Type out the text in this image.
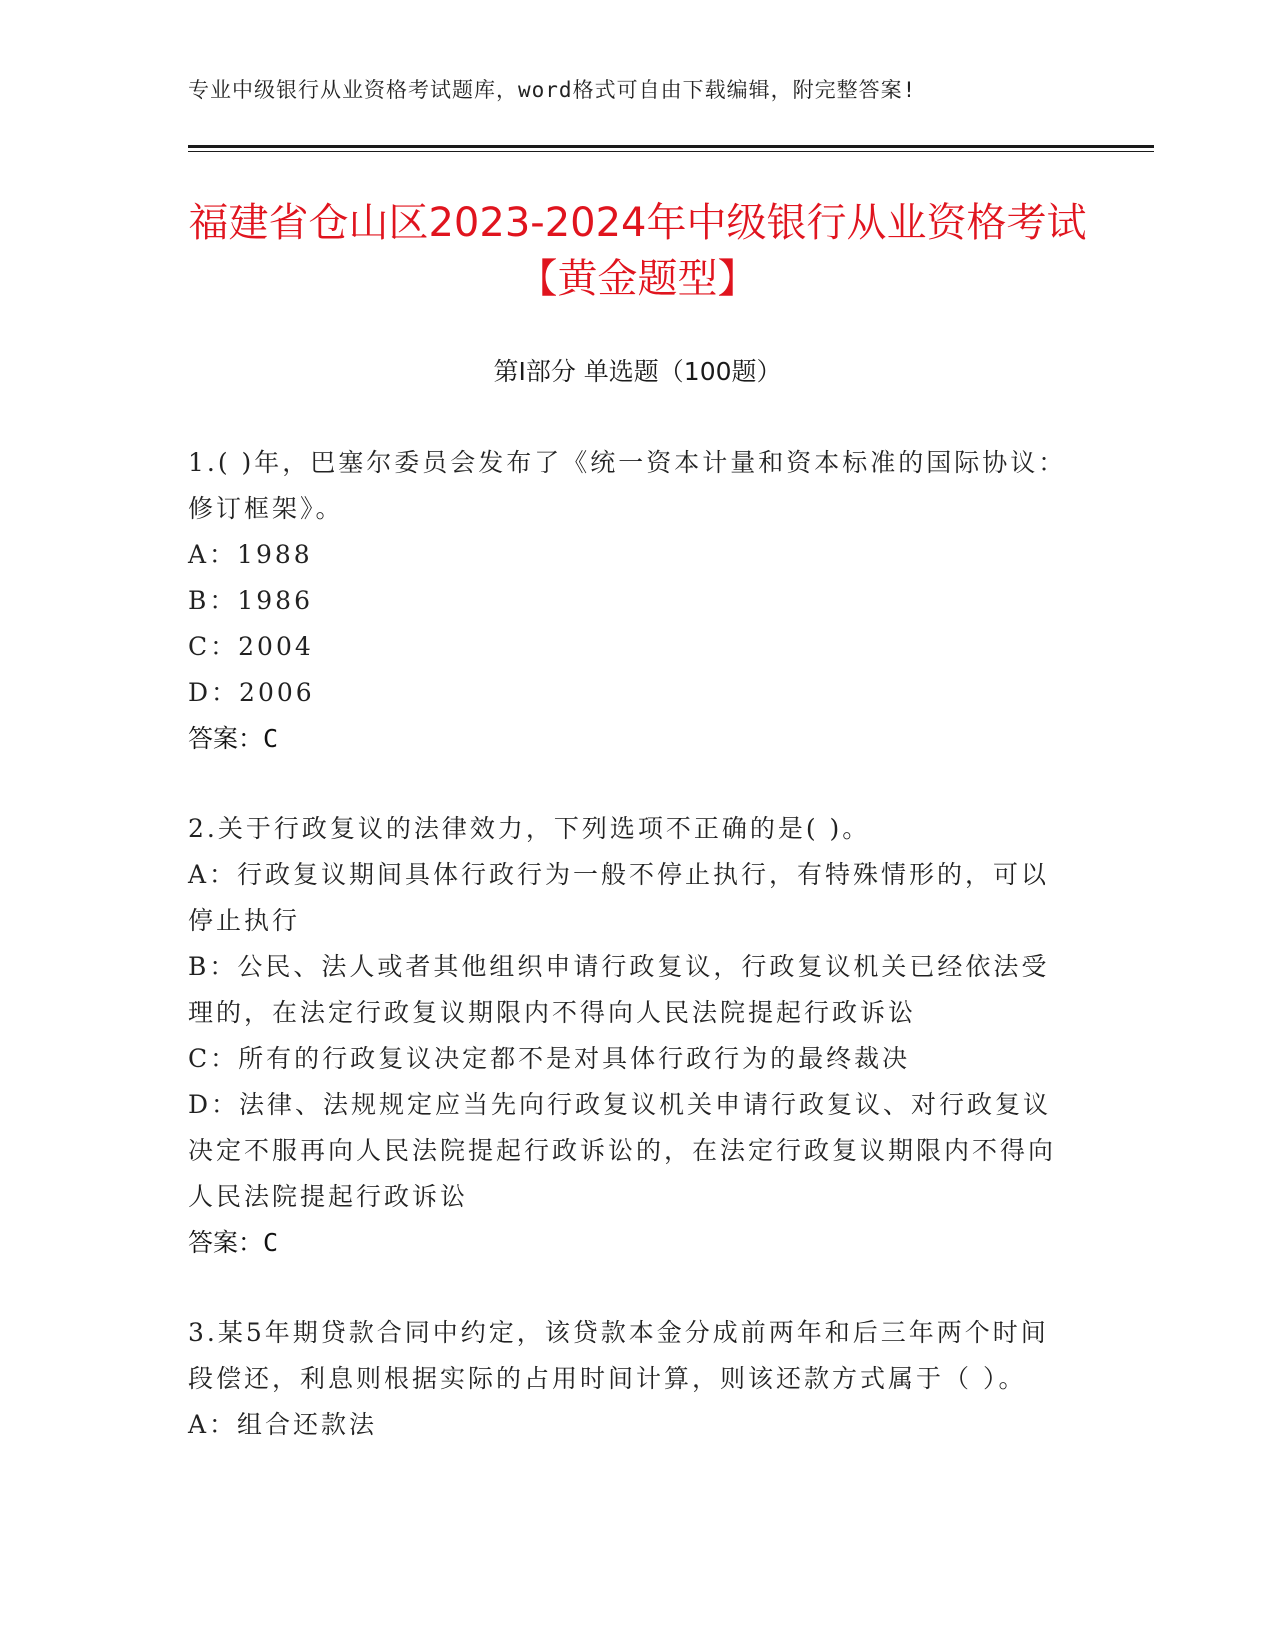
专业中级银行从业资格考试题库，word格式可自由下载编辑，附完整答案!
福建省仓山区2023-2024年中级银行从业资格考试【黄金题型】
第Ⅰ部分 单选题（100题）
1.( )年，巴塞尔委员会发布了《统一资本计量和资本标准的国际协议：修订框架》。
A：1988
B：1986
C：2004
D：2006
答案：C
2.关于行政复议的法律效力，下列选项不正确的是( )。
A：行政复议期间具体行政行为一般不停止执行，有特殊情形的，可以停止执行
B：公民、法人或者其他组织申请行政复议，行政复议机关已经依法受理的，在法定行政复议期限内不得向人民法院提起行政诉讼
C：所有的行政复议决定都不是对具体行政行为的最终裁决
D：法律、法规规定应当先向行政复议机关申请行政复议、对行政复议决定不服再向人民法院提起行政诉讼的，在法定行政复议期限内不得向人民法院提起行政诉讼
答案：C
3.某5年期贷款合同中约定，该贷款本金分成前两年和后三年两个时间段偿还，利息则根据实际的占用时间计算，则该还款方式属于（ ）。
A：组合还款法
